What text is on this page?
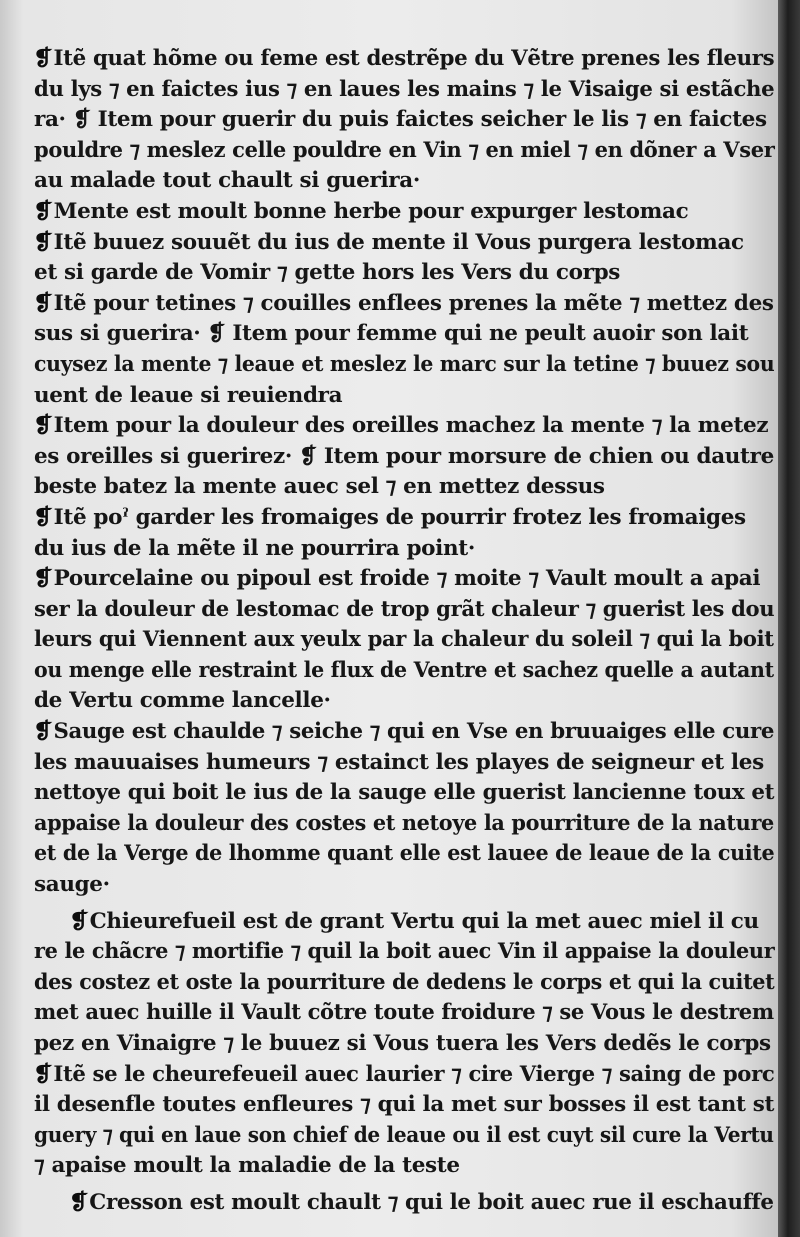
❡Itẽ quat hõme ou feme est destrẽpe du Vẽtre prenes les fleurs
du lys ⁊ en faictes ius ⁊ en laues les mains ⁊ le Visaige si estãche
ra· ❡ Item pour guerir du puis faictes seicher le lis ⁊ en faictes
pouldre ⁊ meslez celle pouldre en Vin ⁊ en miel ⁊ en dõner a Vser
au malade tout chault si guerira·
❡Mente est moult bonne herbe pour expurger lestomac
❡Itẽ buuez souuẽt du ius de mente il Vous purgera lestomac
et si garde de Vomir ⁊ gette hors les Vers du corps
❡Itẽ pour tetines ⁊ couilles enflees prenes la mẽte ⁊ mettez des
sus si guerira· ❡ Item pour femme qui ne peult auoir son lait
cuysez la mente ⁊ leaue et meslez le marc sur la tetine ⁊ buuez sou
uent de leaue si reuiendra
❡Item pour la douleur des oreilles machez la mente ⁊ la metez
es oreilles si guerirez· ❡ Item pour morsure de chien ou dautre
beste batez la mente auec sel ⁊ en mettez dessus
❡Itẽ poˀ garder les fromaiges de pourrir frotez les fromaiges
du ius de la mẽte il ne pourrira point·
❡Pourcelaine ou pipoul est froide ⁊ moite ⁊ Vault moult a apai
ser la douleur de lestomac de trop grãt chaleur ⁊ guerist les dou
leurs qui Viennent aux yeulx par la chaleur du soleil ⁊ qui la boit
ou menge elle restraint le flux de Ventre et sachez quelle a autant
de Vertu comme lancelle·
❡Sauge est chaulde ⁊ seiche ⁊ qui en Vse en bruuaiges elle cure
les mauuaises humeurs ⁊ estainct les playes de seigneur et les
nettoye qui boit le ius de la sauge elle guerist lancienne toux et
appaise la douleur des costes et netoye la pourriture de la nature
et de la Verge de lhomme quant elle est lauee de leaue de la cuite
sauge·
❡Chieurefueil est de grant Vertu qui la met auec miel il cu
re le chãcre ⁊ mortifie ⁊ quil la boit auec Vin il appaise la douleur
des costez et oste la pourriture de dedens le corps et qui la cuitet
met auec huille il Vault cõtre toute froidure ⁊ se Vous le destrem
pez en Vinaigre ⁊ le buuez si Vous tuera les Vers dedẽs le corps
❡Itẽ se le cheurefeueil auec laurier ⁊ cire Vierge ⁊ saing de porc
il desenfle toutes enfleures ⁊ qui la met sur bosses il est tant st
guery ⁊ qui en laue son chief de leaue ou il est cuyt sil cure la Vertu
⁊ apaise moult la maladie de la teste
❡Cresson est moult chault ⁊ qui le boit auec rue il eschauffe
